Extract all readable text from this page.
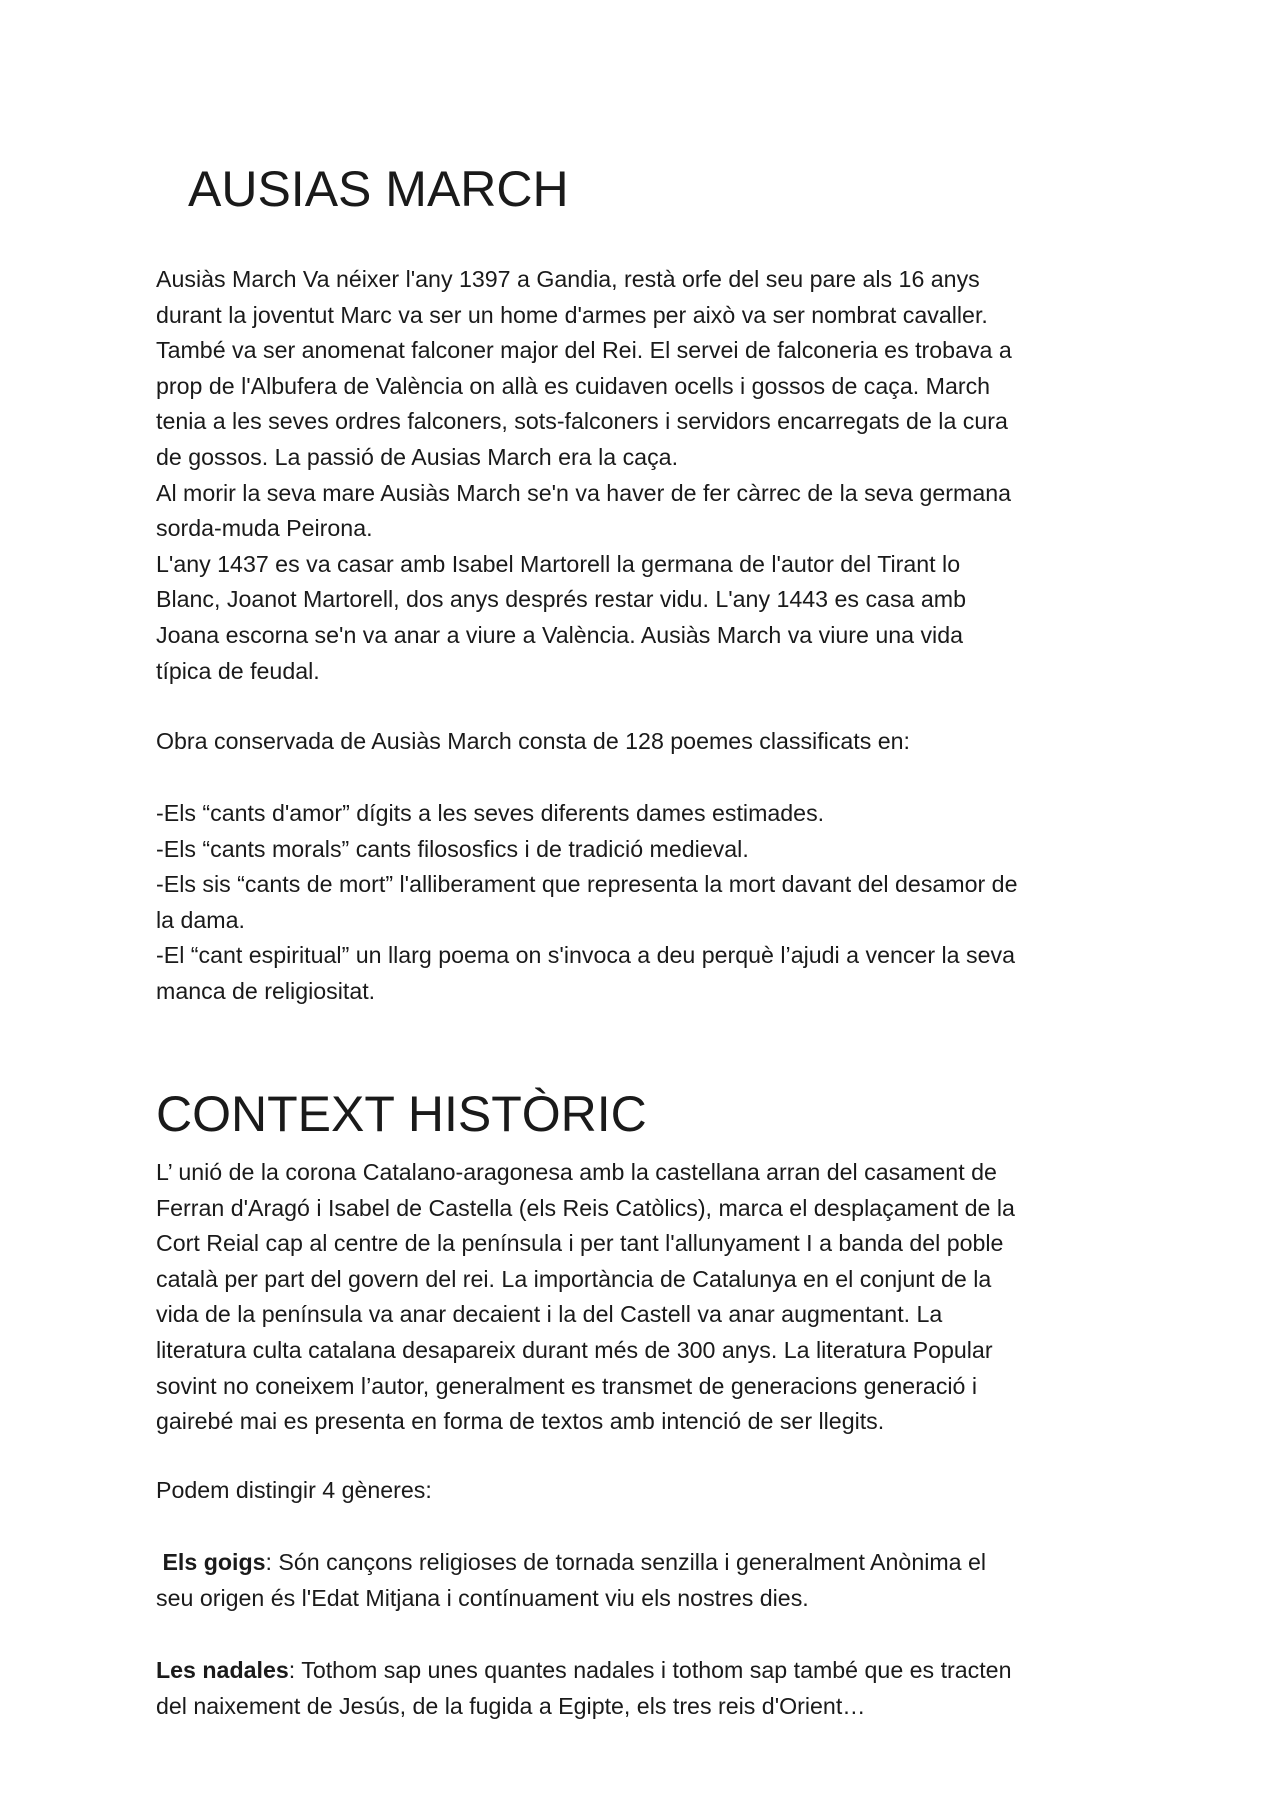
AUSIAS MARCH

Ausiàs March Va néixer l'any 1397 a Gandia, restà orfe del seu pare als 16 anys

durant la joventut Marc va ser un home d'armes per això va ser nombrat cavaller.

També va ser anomenat falconer major del Rei. El servei de falconeria es trobava a

prop de l'Albufera de València on allà es cuidaven ocells i gossos de caça. March

tenia a les seves ordres falconers, sots-falconers i servidors encarregats de la cura

de gossos. La passió de Ausias March era la caça.

Al morir la seva mare Ausiàs March se'n va haver de fer càrrec de la seva germana

sorda-muda Peirona.

L'any 1437 es va casar amb Isabel Martorell la germana de l'autor del Tirant lo

Blanc, Joanot Martorell, dos anys després restar vidu. L'any 1443 es casa amb

Joana escorna se'n va anar a viure a València. Ausiàs March va viure una vida

típica de feudal.

Obra conservada de Ausiàs March consta de 128 poemes classificats en:

-Els “cants d'amor” dígits a les seves diferents dames estimades.

-Els “cants morals” cants filososfics i de tradició medieval.

-Els sis “cants de mort” l'alliberament que representa la mort davant del desamor de

la dama.

-El “cant espiritual” un llarg poema on s'invoca a deu perquè l’ajudi a vencer la seva

manca de religiositat.

CONTEXT HISTÒRIC

L’ unió de la corona Catalano-aragonesa amb la castellana arran del casament de

Ferran d'Aragó i Isabel de Castella (els Reis Catòlics), marca el desplaçament de la

Cort Reial cap al centre de la península i per tant l'allunyament I a banda del poble

català per part del govern del rei. La importància de Catalunya en el conjunt de la

vida de la península va anar decaient i la del Castell va anar augmentant. La

literatura culta catalana desapareix durant més de 300 anys. La literatura Popular

sovint no coneixem l’autor, generalment es transmet de generacions generació i

gairebé mai es presenta en forma de textos amb intenció de ser llegits.

Podem distingir 4 gèneres:

Els goigs: Són cançons religioses de tornada senzilla i generalment Anònima el

seu origen és l'Edat Mitjana i contínuament viu els nostres dies.

Les nadales: Tothom sap unes quantes nadales i tothom sap també que es tracten

del naixement de Jesús, de la fugida a Egipte, els tres reis d'Orient…
